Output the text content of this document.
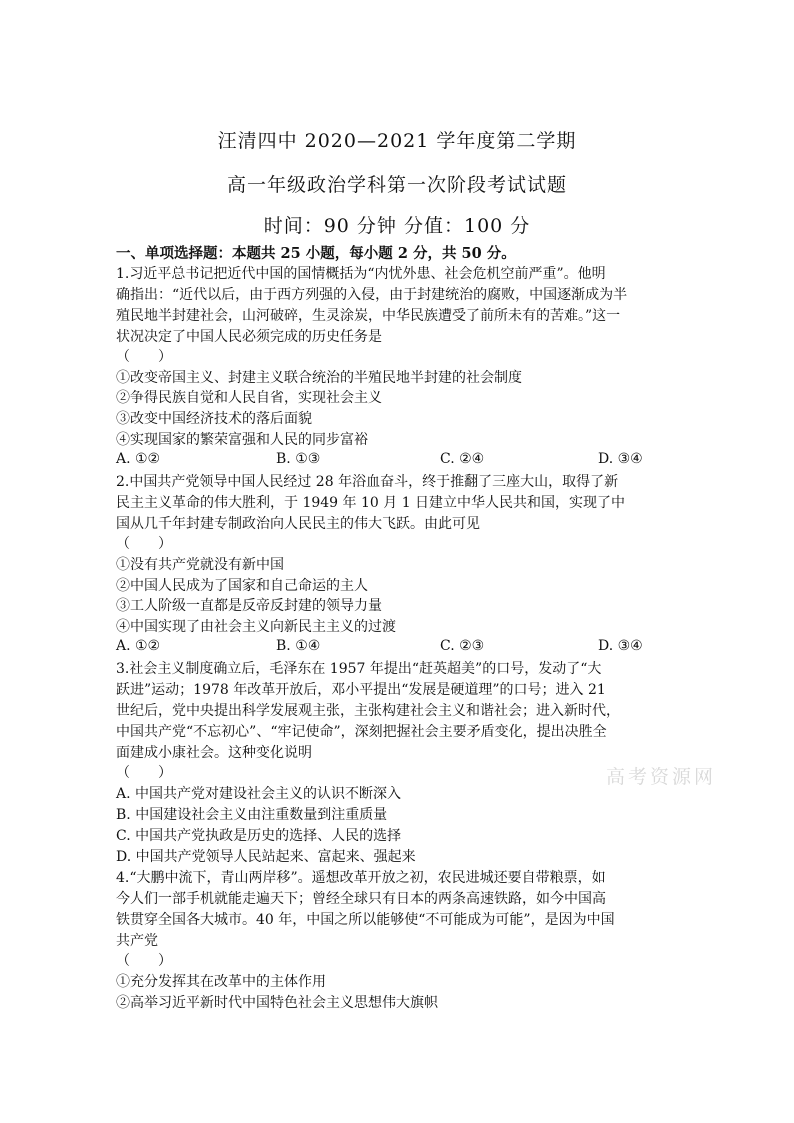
汪清四中 2020—2021 学年度第二学期
高一年级政治学科第一次阶段考试试题
时间：90 分钟 分值：100 分
一、单项选择题：本题共 25 小题，每小题 2 分，共 50 分。
1.习近平总书记把近代中国的国情概括为“内忧外患、社会危机空前严重”。他明
确指出：“近代以后，由于西方列强的入侵，由于封建统治的腐败，中国逐渐成为半
殖民地半封建社会，山河破碎，生灵涂炭，中华民族遭受了前所未有的苦难。”这一
状况决定了中国人民必须完成的历史任务是
（　　）
①改变帝国主义、封建主义联合统治的半殖民地半封建的社会制度
②争得民族自觉和人民自省，实现社会主义
③改变中国经济技术的落后面貌
④实现国家的繁荣富强和人民的同步富裕
A. ①②	B. ①③	C. ②④	D. ③④
2.中国共产党领导中国人民经过 28 年浴血奋斗，终于推翻了三座大山，取得了新
民主主义革命的伟大胜利，于 1949 年 10 月 1 日建立中华人民共和国，实现了中
国从几千年封建专制政治向人民民主的伟大飞跃。由此可见
（　　）
①没有共产党就没有新中国
②中国人民成为了国家和自己命运的主人
③工人阶级一直都是反帝反封建的领导力量
④中国实现了由社会主义向新民主主义的过渡
A. ①②	B. ①④	C. ②③	D. ③④
3.社会主义制度确立后，毛泽东在 1957 年提出“赶英超美”的口号，发动了“大
跃进”运动；1978 年改革开放后，邓小平提出“发展是硬道理”的口号；进入 21
世纪后，党中央提出科学发展观主张，主张构建社会主义和谐社会；进入新时代，
中国共产党“不忘初心”、“牢记使命”，深刻把握社会主要矛盾变化，提出决胜全
面建成小康社会。这种变化说明
（　　）
A. 中国共产党对建设社会主义的认识不断深入
B. 中国建设社会主义由注重数量到注重质量
C. 中国共产党执政是历史的选择、人民的选择
D. 中国共产党领导人民站起来、富起来、强起来
4.“大鹏中流下，青山两岸移”。遥想改革开放之初，农民进城还要自带粮票，如
今人们一部手机就能走遍天下；曾经全球只有日本的两条高速铁路，如今中国高
铁贯穿全国各大城市。40 年，中国之所以能够使“不可能成为可能”，是因为中国
共产党
（　　）
①充分发挥其在改革中的主体作用
②高举习近平新时代中国特色社会主义思想伟大旗帜
高考资源网
